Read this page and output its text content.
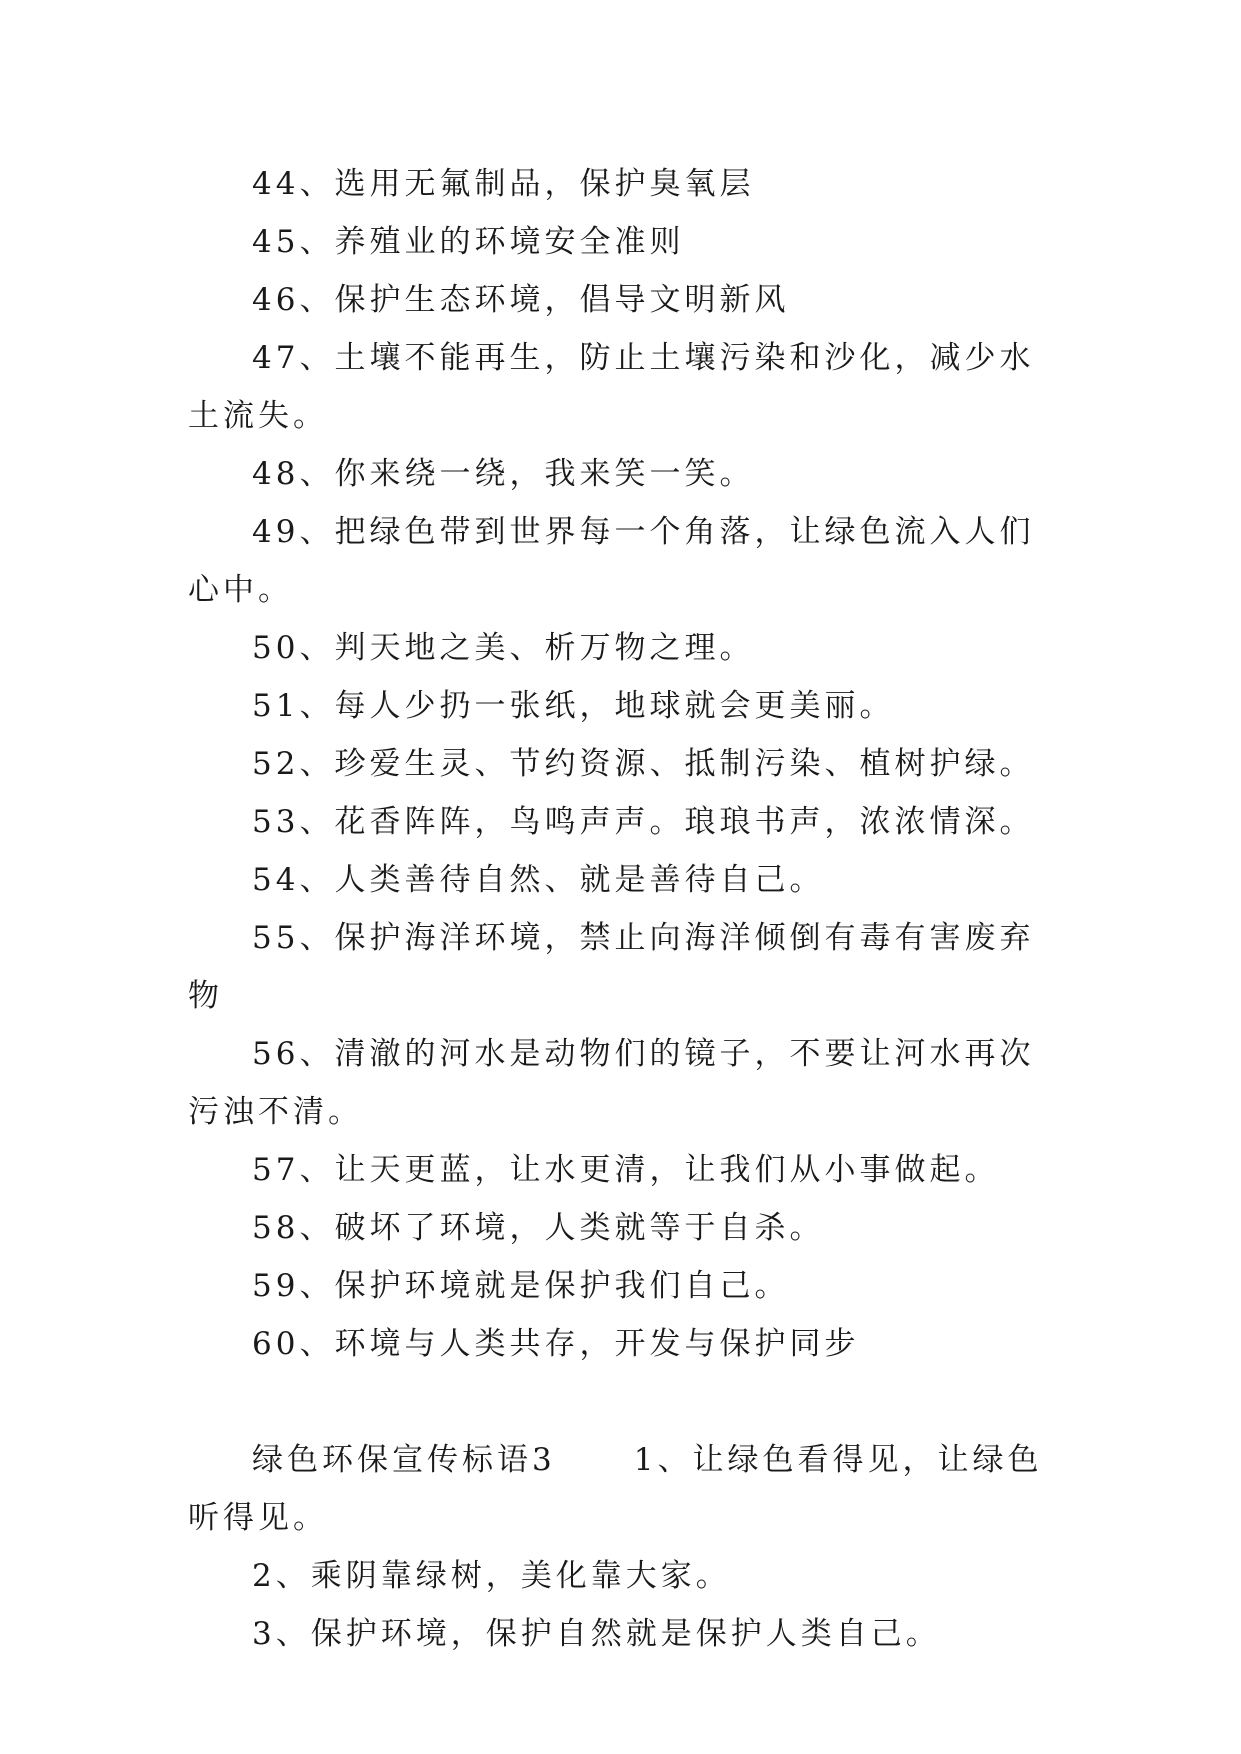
44、选用无氟制品，保护臭氧层

45、养殖业的环境安全准则

46、保护生态环境，倡导文明新风

47、土壤不能再生，防止土壤污染和沙化，减少水土流失。

48、你来绕一绕，我来笑一笑。

49、把绿色带到世界每一个角落，让绿色流入人们心中。

50、判天地之美、析万物之理。

51、每人少扔一张纸，地球就会更美丽。

52、珍爱生灵、节约资源、抵制污染、植树护绿。

53、花香阵阵，鸟鸣声声。琅琅书声，浓浓情深。

54、人类善待自然、就是善待自己。

55、保护海洋环境，禁止向海洋倾倒有毒有害废弃物

56、清澈的河水是动物们的镜子，不要让河水再次污浊不清。

57、让天更蓝，让水更清，让我们从小事做起。

58、破坏了环境，人类就等于自杀。

59、保护环境就是保护我们自己。

60、环境与人类共存，开发与保护同步

绿色环保宣传标语3	1、让绿色看得见，让绿色听得见。

2、乘阴靠绿树，美化靠大家。

3、保护环境，保护自然就是保护人类自己。
